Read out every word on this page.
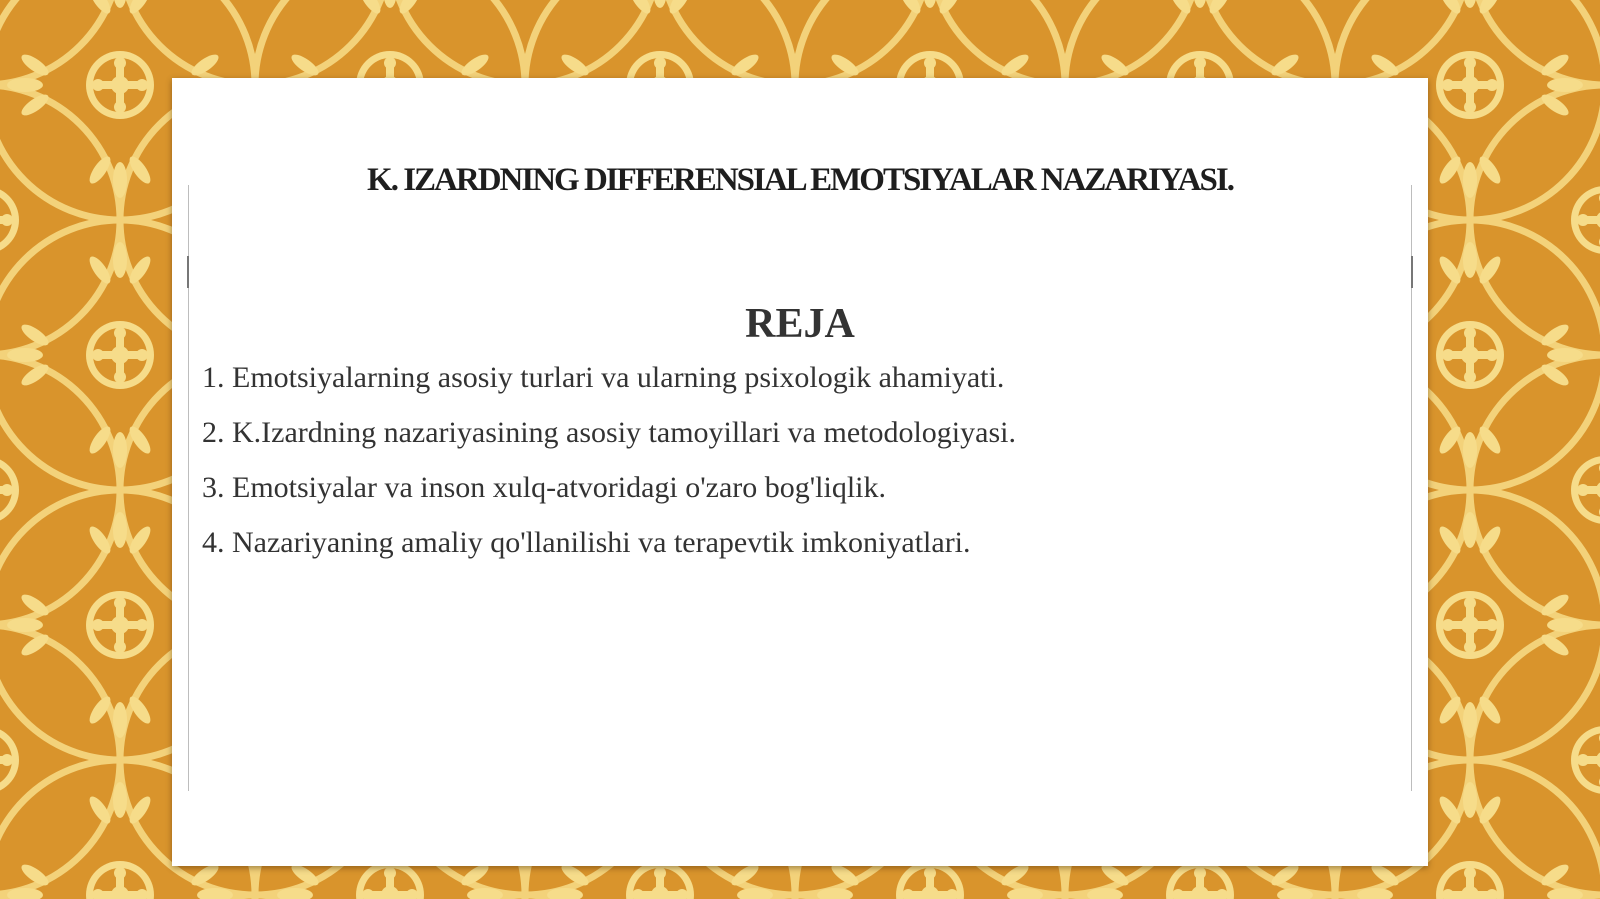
K. IZARDNING DIFFERENSIAL EMOTSIYALAR NAZARIYASI.
REJA
1. Emotsiyalarning asosiy turlari va ularning psixologik ahamiyati.
2. K.Izardning nazariyasining asosiy tamoyillari va metodologiyasi.
3. Emotsiyalar va inson xulq-atvoridagi o'zaro bog'liqlik.
4. Nazariyaning amaliy qo'llanilishi va terapevtik imkoniyatlari.
